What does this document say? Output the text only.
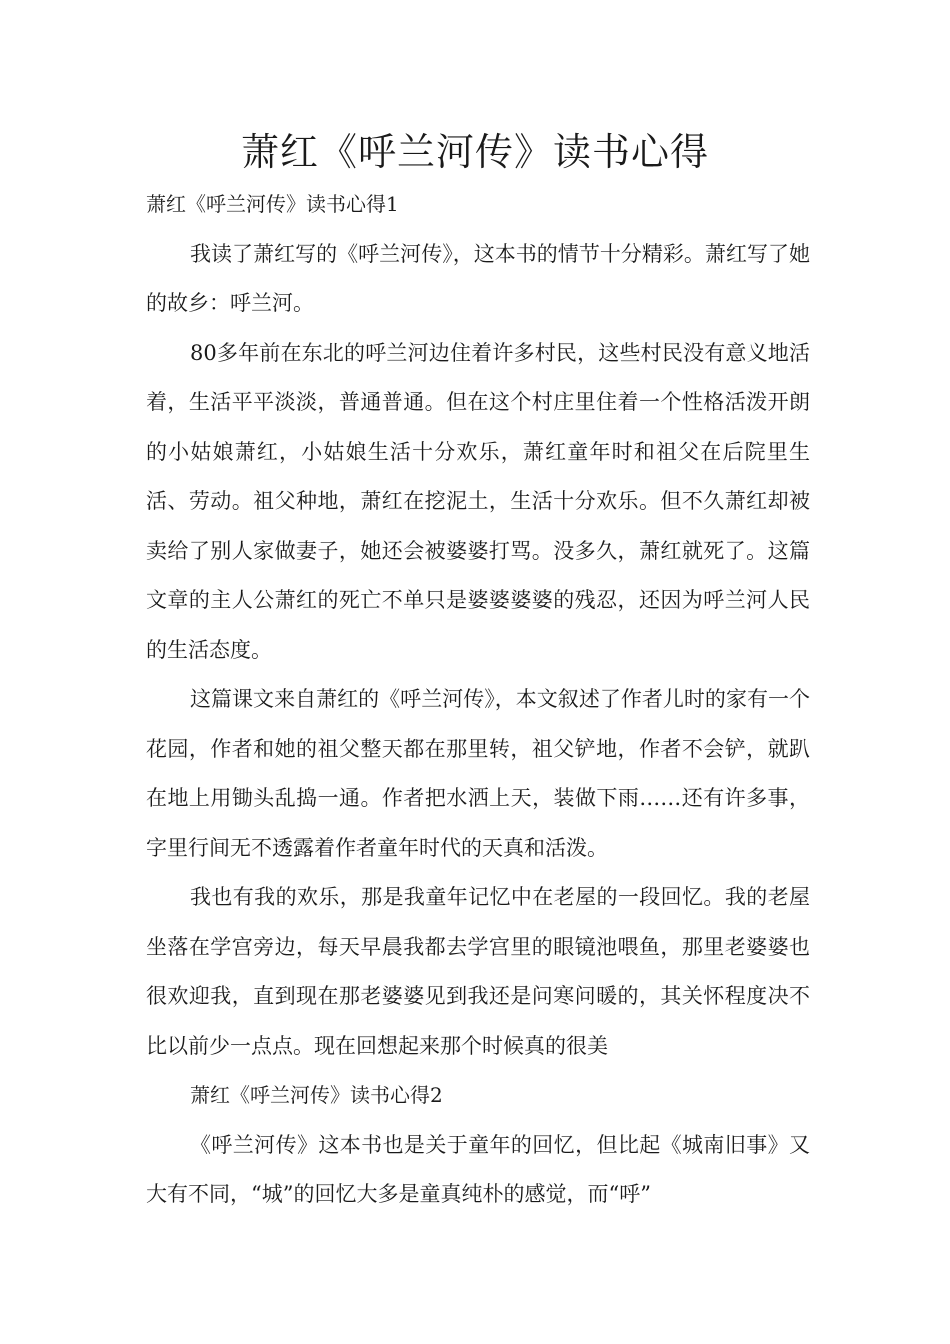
萧红《呼兰河传》读书心得

萧红《呼兰河传》读书心得1

我读了萧红写的《呼兰河传》，这本书的情节十分精彩。萧红写了她的故乡：呼兰河。

80多年前在东北的呼兰河边住着许多村民，这些村民没有意义地活着，生活平平淡淡，普通普通。但在这个村庄里住着一个性格活泼开朗的小姑娘萧红，小姑娘生活十分欢乐，萧红童年时和祖父在后院里生活、劳动。祖父种地，萧红在挖泥土，生活十分欢乐。但不久萧红却被卖给了别人家做妻子，她还会被婆婆打骂。没多久，萧红就死了。这篇文章的主人公萧红的死亡不单只是婆婆婆婆的残忍，还因为呼兰河人民的生活态度。

这篇课文来自萧红的《呼兰河传》，本文叙述了作者儿时的家有一个花园，作者和她的祖父整天都在那里转，祖父铲地，作者不会铲，就趴在地上用锄头乱捣一通。作者把水洒上天，装做下雨……还有许多事，字里行间无不透露着作者童年时代的天真和活泼。

我也有我的欢乐，那是我童年记忆中在老屋的一段回忆。我的老屋坐落在学宫旁边，每天早晨我都去学宫里的眼镜池喂鱼，那里老婆婆也很欢迎我，直到现在那老婆婆见到我还是问寒问暖的，其关怀程度决不比以前少一点点。现在回想起来那个时候真的很美

萧红《呼兰河传》读书心得2

《呼兰河传》这本书也是关于童年的回忆，但比起《城南旧事》又大有不同，“城”的回忆大多是童真纯朴的感觉，而“呼”
